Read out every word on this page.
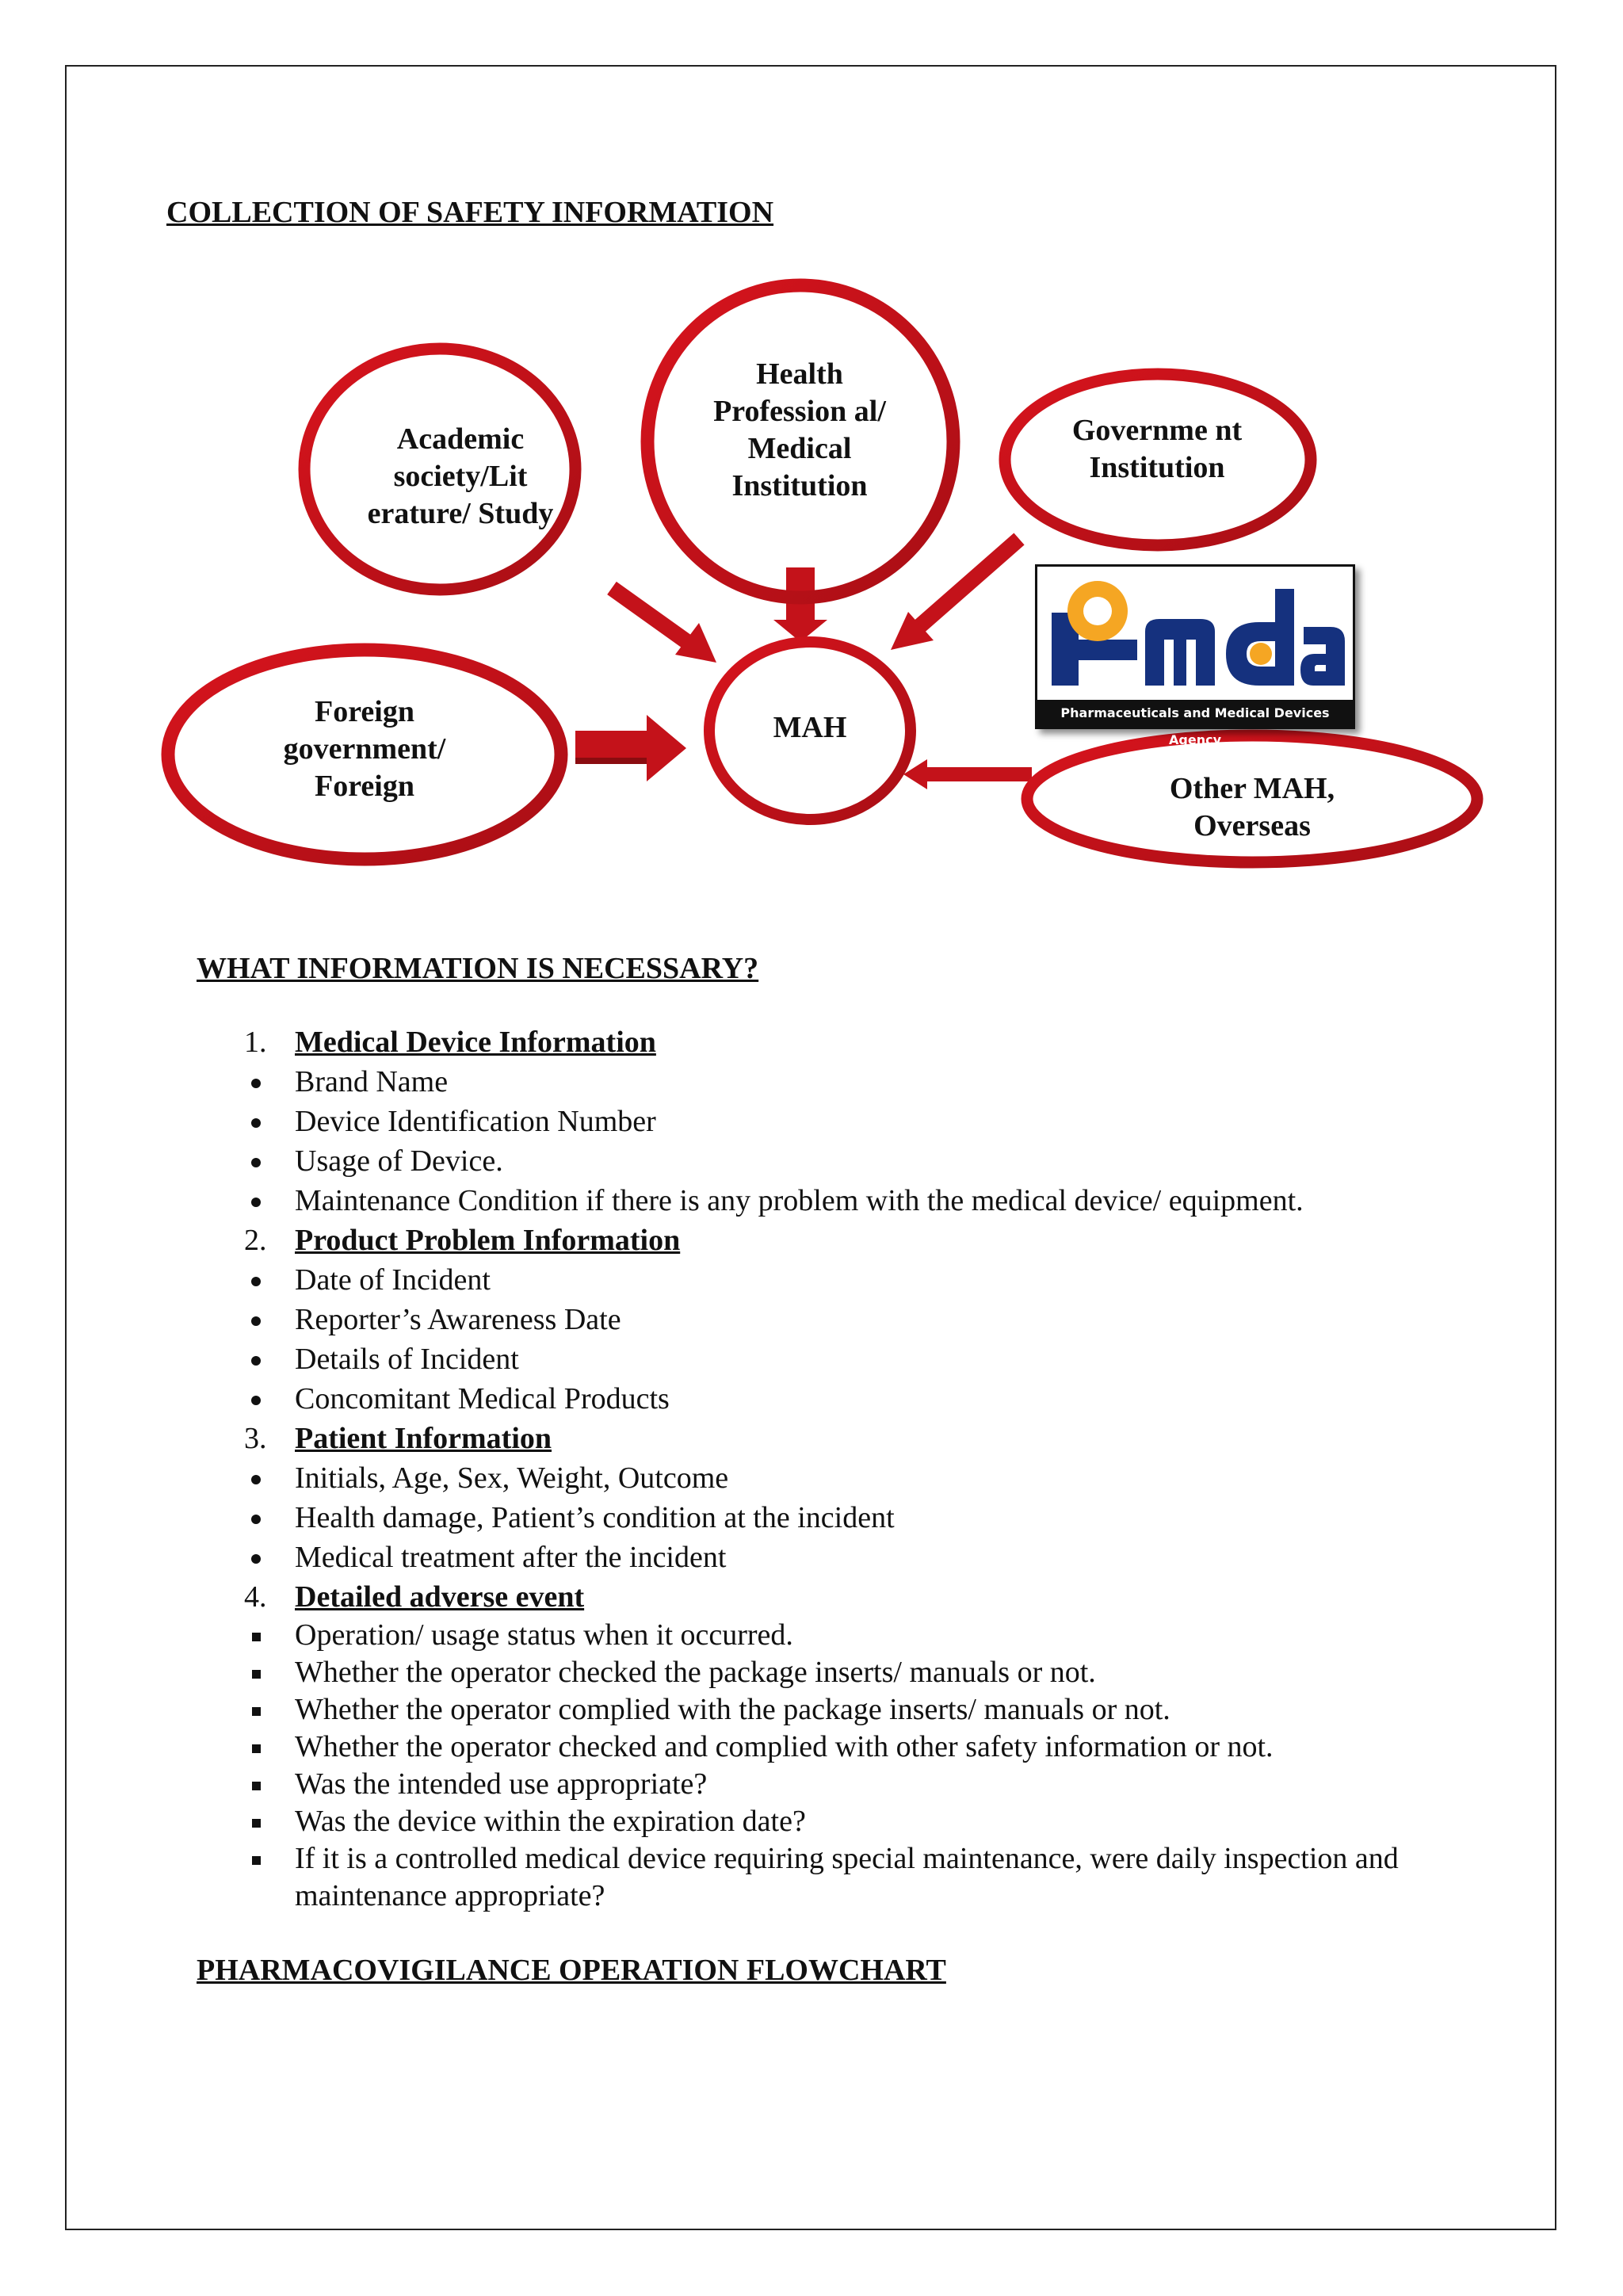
COLLECTION OF SAFETY INFORMATION
Academic society/Lit erature/ Study
Health Profession al/ Medical Institution
Governme nt Institution
Foreign government/ Foreign
MAH
Other MAH, Overseas
Pharmaceuticals and Medical Devices Agency
WHAT INFORMATION IS NECESSARY?
1. Medical Device Information
Brand Name
Device Identification Number
Usage of Device.
Maintenance Condition if there is any problem with the medical device/ equipment.
2. Product Problem Information
Date of Incident
Reporter’s Awareness Date
Details of Incident
Concomitant Medical Products
3. Patient Information
Initials, Age, Sex, Weight, Outcome
Health damage, Patient’s condition at the incident
Medical treatment after the incident
4. Detailed adverse event
Operation/ usage status when it occurred.
Whether the operator checked the package inserts/ manuals or not.
Whether the operator complied with the package inserts/ manuals or not.
Whether the operator checked and complied with other safety information or not.
Was the intended use appropriate?
Was the device within the expiration date?
If it is a controlled medical device requiring special maintenance, were daily inspection and maintenance appropriate?
PHARMACOVIGILANCE OPERATION FLOWCHART
